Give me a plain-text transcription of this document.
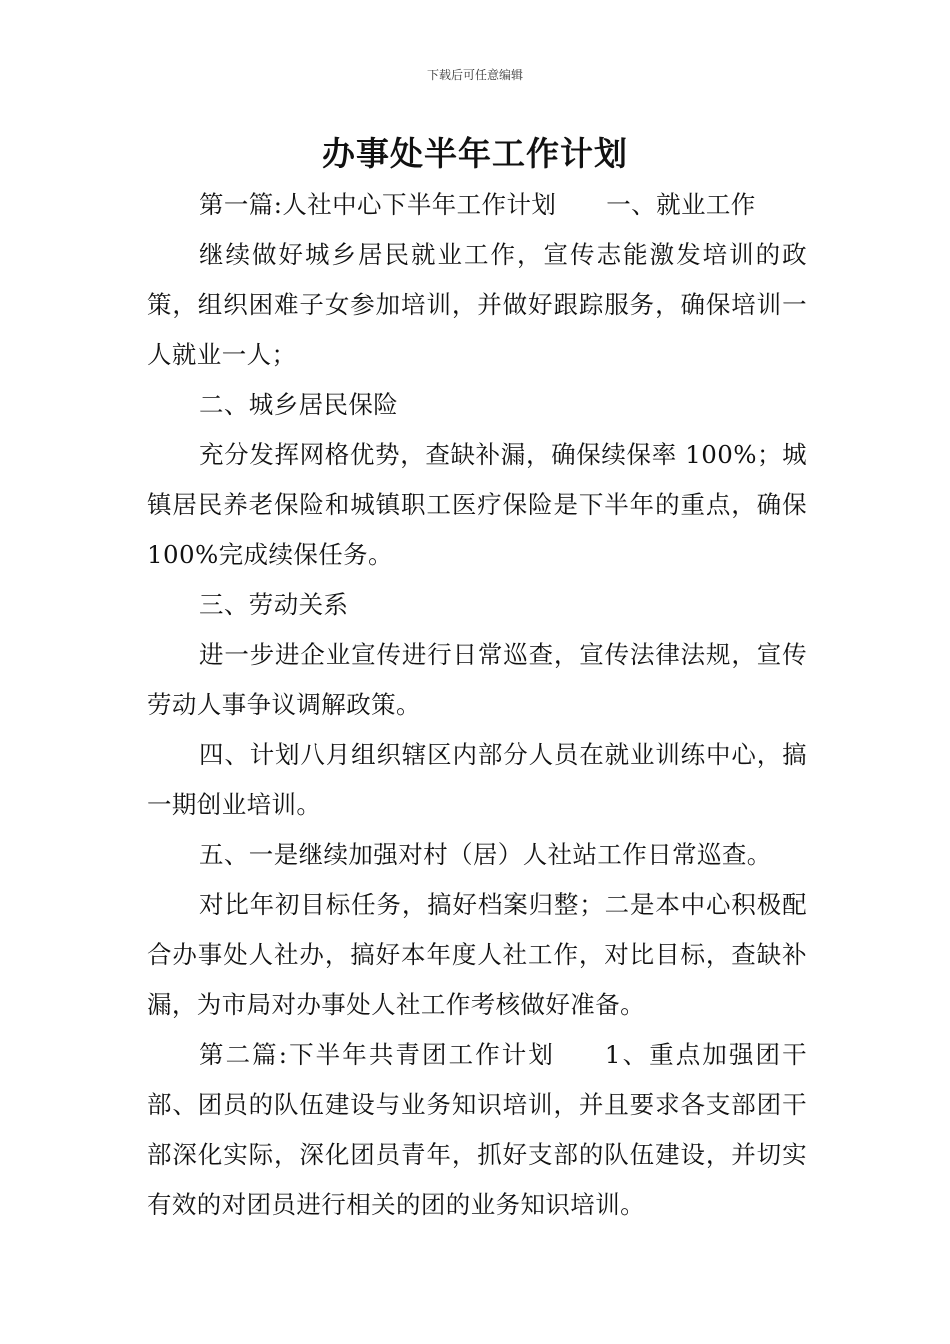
下载后可任意编辑
办事处半年工作计划

第一篇:人社中心下半年工作计划 一、就业工作

继续做好城乡居民就业工作，宣传志能激发培训的政策，组织困难子女参加培训，并做好跟踪服务，确保培训一人就业一人；

二、城乡居民保险

充分发挥网格优势，查缺补漏，确保续保率 100%；城镇居民养老保险和城镇职工医疗保险是下半年的重点，确保 100%完成续保任务。

三、劳动关系

进一步进企业宣传进行日常巡查，宣传法律法规，宣传劳动人事争议调解政策。

四、计划八月组织辖区内部分人员在就业训练中心，搞一期创业培训。

五、一是继续加强对村（居）人社站工作日常巡查。

对比年初目标任务，搞好档案归整；二是本中心积极配合办事处人社办，搞好本年度人社工作，对比目标，查缺补漏，为市局对办事处人社工作考核做好准备。

第二篇:下半年共青团工作计划 1、重点加强团干部、团员的队伍建设与业务知识培训，并且要求各支部团干部深化实际，深化团员青年，抓好支部的队伍建设，并切实有效的对团员进行相关的团的业务知识培训。
